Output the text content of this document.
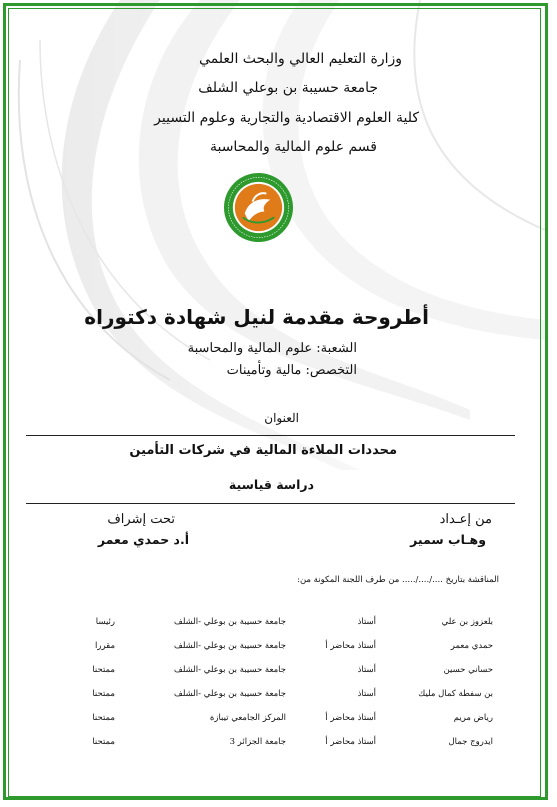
وزارة التعليم العالي والبحث العلمي
جامعة حسيبة بن بوعلي الشلف
كلية العلوم الاقتصادية والتجارية وعلوم التسيير
قسم علوم المالية والمحاسبة
أطروحة مقدمة لنيل شهادة دكتوراه
الشعبة: علوم المالية والمحاسبة
التخصص: مالية وتأمينات
العنوان
محددات الملاءة المالية في شركات التأمين
دراسة قياسية
من إعـداد
وهـاب سمير
تحت إشراف
أ.د حمدي معمر
المناقشة بتاريخ ..../..../..... من طرف اللجنة المكونة من:
بلعزوز بن علي
أستاذ
جامعة حسيبة بن بوعلي -الشلف
رئيسا
حمدي معمر
أستاذ محاضر أ
جامعة حسيبة بن بوعلي -الشلف
مقررا
حساني حسين
أستاذ
جامعة حسيبة بن بوعلي -الشلف
ممتحنا
بن سفطة كمال مليك
أستاذ
جامعة حسيبة بن بوعلي -الشلف
ممتحنا
رياض مريم
أستاذ محاضر أ
المركز الجامعي تيبازة
ممتحنا
ايدروج جمال
أستاذ محاضر أ
جامعة الجزائر 3
ممتحنا
